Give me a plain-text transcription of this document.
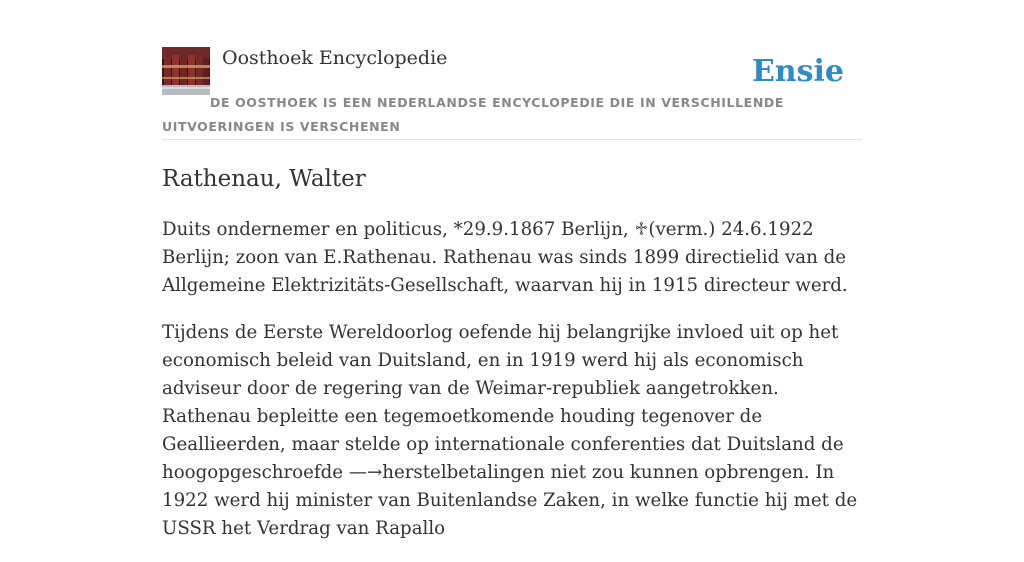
Oosthoek Encyclopedie	Ensie
DE OOSTHOEK IS EEN NEDERLANDSE ENCYCLOPEDIE DIE IN VERSCHILLENDE UITVOERINGEN IS VERSCHENEN
Rathenau, Walter

Duits ondernemer en politicus, *29.9.1867 Berlijn, ♱(verm.) 24.6.1922 Berlijn; zoon van E.Rathenau. Rathenau was sinds 1899 directielid van de Allgemeine Elektrizitäts-Gesellschaft, waarvan hij in 1915 directeur werd.

Tijdens de Eerste Wereldoorlog oefende hij belangrijke invloed uit op het economisch beleid van Duitsland, en in 1919 werd hij als economisch adviseur door de regering van de Weimar-republiek aangetrokken. Rathenau bepleitte een tegemoetkomende houding tegenover de Geallieerden, maar stelde op internationale conferenties dat Duitsland de hoogopgeschroefde —→herstelbetalingen niet zou kunnen opbrengen. In 1922 werd hij minister van Buitenlandse Zaken, in welke functie hij met de USSR het Verdrag van Rapallo
